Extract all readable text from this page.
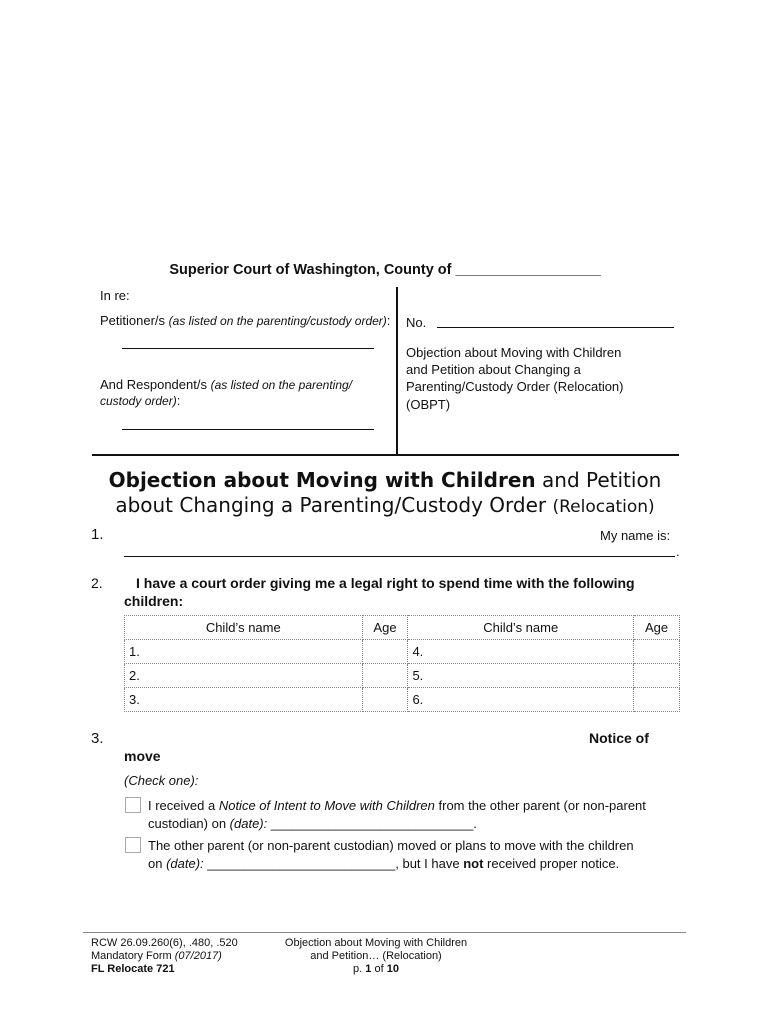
Superior Court of Washington, County of __________________
In re:
Petitioner/s (as listed on the parenting/custody order):
And Respondent/s (as listed on the parenting/
custody order):
No.
Objection about Moving with Children
and Petition about Changing a
Parenting/Custody Order (Relocation)
(OBPT)
Objection about Moving with Children and Petition
about Changing a Parenting/Custody Order (Relocation)
1.	My name is:
.
2.	I have a court order giving me a legal right to spend time with the following
children:
Child’s name	Age	Child’s name	Age
1.		4.	
2.		5.	
3.		6.	
3.	Notice of
move
(Check one):
I received a Notice of Intent to Move with Children from the other parent (or non-parent
custodian) on (date): ____________________________.
The other parent (or non-parent custodian) moved or plans to move with the children
on (date): __________________________, but I have not received proper notice.
RCW 26.09.260(6), .480, .520
Mandatory Form (07/2017)
FL Relocate 721
Objection about Moving with Children
and Petition… (Relocation)
p. 1 of 10
